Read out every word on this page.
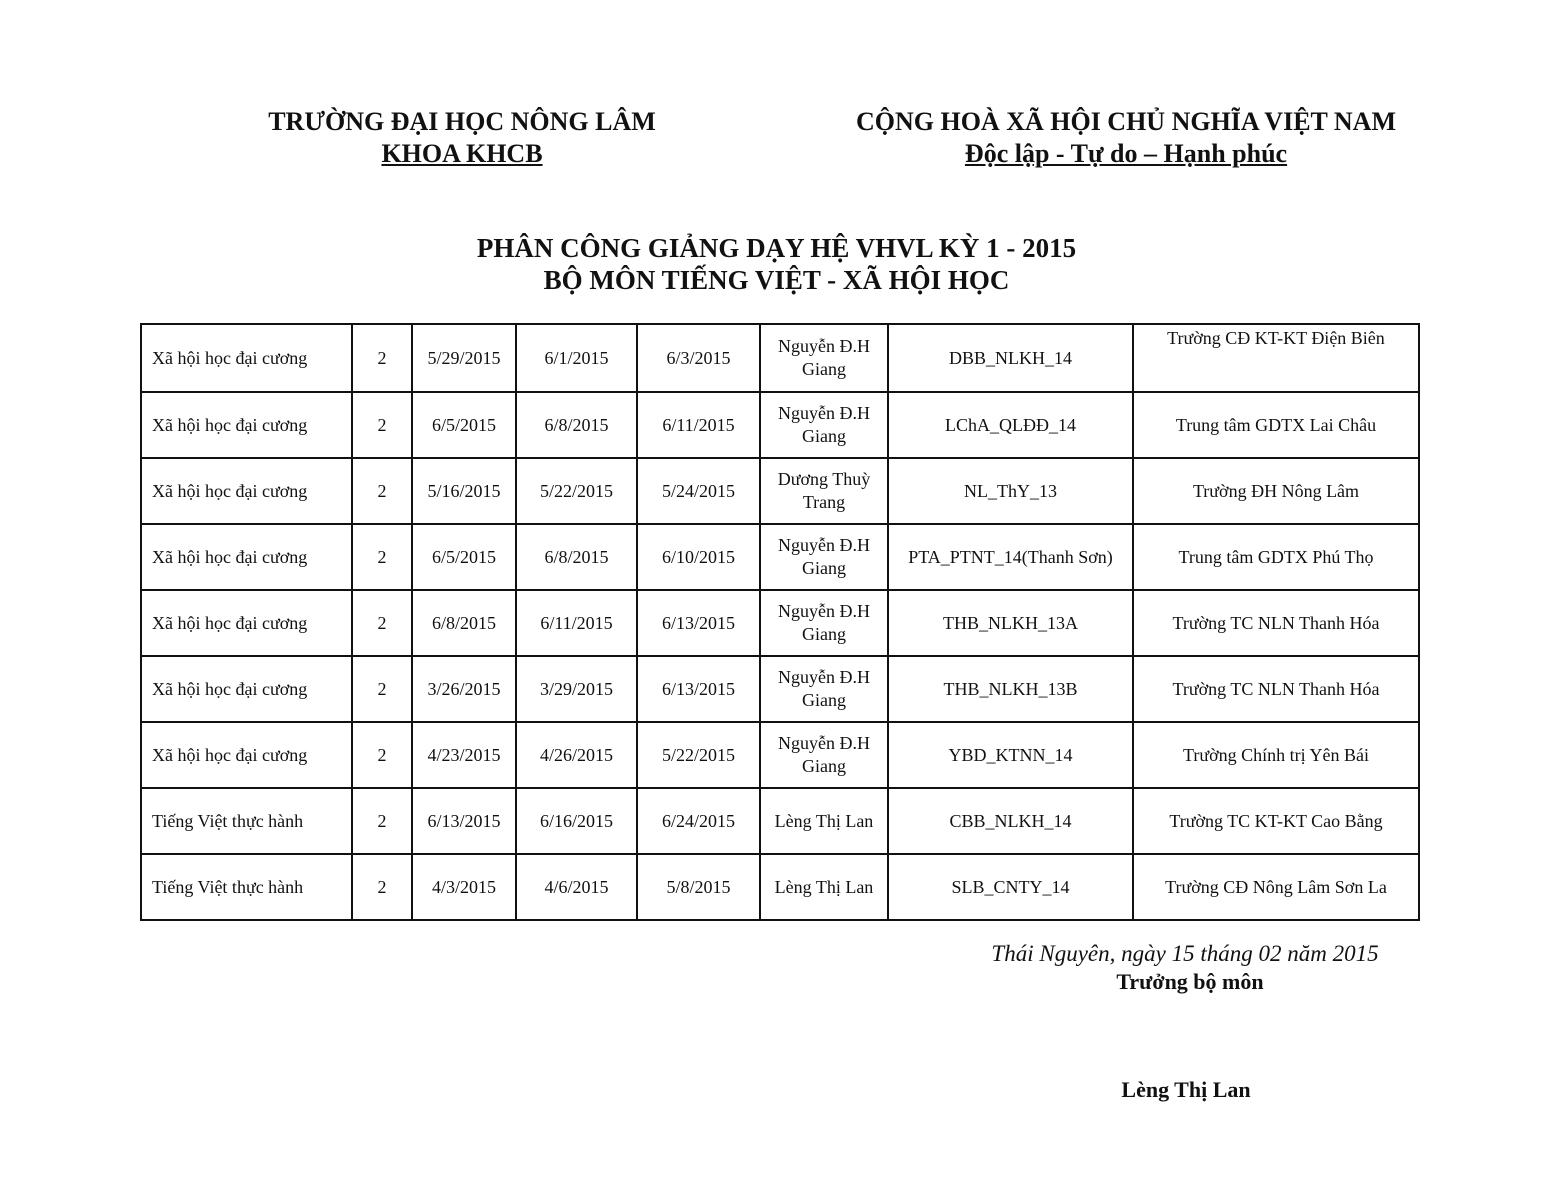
TRƯỜNG ĐẠI HỌC NÔNG LÂM
KHOA KHCB
CỘNG HOÀ XÃ HỘI CHỦ NGHĨA VIỆT NAM
Độc lập - Tự do – Hạnh phúc
PHÂN CÔNG GIẢNG DẠY HỆ VHVL KỲ 1 - 2015
BỘ MÔN TIẾNG VIỆT - XÃ HỘI HỌC
Xã hội học đại cương	2	5/29/2015	6/1/2015	6/3/2015	Nguyễn Đ.H Giang	DBB_NLKH_14	Trường CĐ KT-KT Điện Biên
Xã hội học đại cương	2	6/5/2015	6/8/2015	6/11/2015	Nguyễn Đ.H Giang	LChA_QLĐĐ_14	Trung tâm GDTX Lai Châu
Xã hội học đại cương	2	5/16/2015	5/22/2015	5/24/2015	Dương Thuỳ Trang	NL_ThY_13	Trường ĐH Nông Lâm
Xã hội học đại cương	2	6/5/2015	6/8/2015	6/10/2015	Nguyễn Đ.H Giang	PTA_PTNT_14(Thanh Sơn)	Trung tâm GDTX Phú Thọ
Xã hội học đại cương	2	6/8/2015	6/11/2015	6/13/2015	Nguyễn Đ.H Giang	THB_NLKH_13A	Trường TC NLN Thanh Hóa
Xã hội học đại cương	2	3/26/2015	3/29/2015	6/13/2015	Nguyễn Đ.H Giang	THB_NLKH_13B	Trường TC NLN Thanh Hóa
Xã hội học đại cương	2	4/23/2015	4/26/2015	5/22/2015	Nguyễn Đ.H Giang	YBD_KTNN_14	Trường Chính trị Yên Bái
Tiếng Việt thực hành	2	6/13/2015	6/16/2015	6/24/2015	Lèng Thị Lan	CBB_NLKH_14	Trường TC KT-KT Cao Bằng
Tiếng Việt thực hành	2	4/3/2015	4/6/2015	5/8/2015	Lèng Thị Lan	SLB_CNTY_14	Trường CĐ Nông Lâm Sơn La
Thái Nguyên, ngày 15 tháng 02 năm 2015
Trưởng bộ môn
Lèng Thị Lan
